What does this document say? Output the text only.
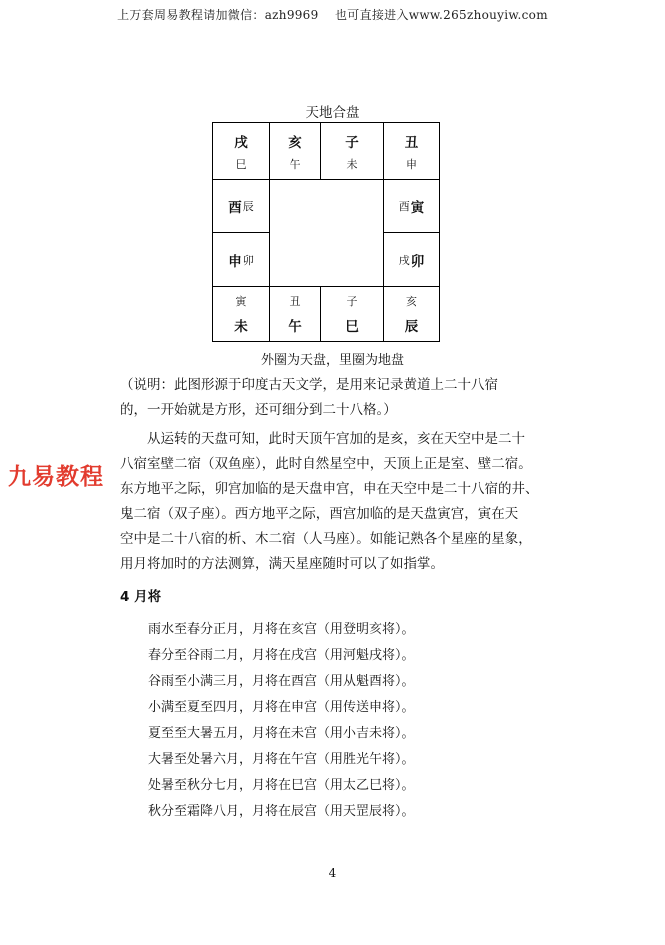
上万套周易教程请加微信：azh9969　 也可直接进入www.265zhouyiw.com
九易教程
天地合盘
戌
巳
亥
午
子
未
丑
申
酉 辰
申 卯
酉 寅
戌 卯
寅
未
丑
午
子
巳
亥
辰
外圈为天盘，里圈为地盘
（说明：此图形源于印度古天文学，是用来记录黄道上二十八宿
的，一开始就是方形，还可细分到二十八格。）
　　从运转的天盘可知，此时天顶午宫加的是亥，亥在天空中是二十
八宿室壁二宿（双鱼座），此时自然星空中，天顶上正是室、壁二宿。
东方地平之际，卯宫加临的是天盘申宫，申在天空中是二十八宿的井、
鬼二宿（双子座）。西方地平之际，酉宫加临的是天盘寅宫，寅在天
空中是二十八宿的析、木二宿（人马座）。如能记熟各个星座的星象，
用月将加时的方法测算，满天星座随时可以了如指掌。
4 月将
雨水至春分正月，月将在亥宫（用登明亥将）。
春分至谷雨二月，月将在戌宫（用河魁戌将）。
谷雨至小满三月，月将在酉宫（用从魁酉将）。
小满至夏至四月，月将在申宫（用传送申将）。
夏至至大暑五月，月将在未宫（用小吉未将）。
大暑至处暑六月，月将在午宫（用胜光午将）。
处暑至秋分七月，月将在巳宫（用太乙巳将）。
秋分至霜降八月，月将在辰宫（用天罡辰将）。
4
